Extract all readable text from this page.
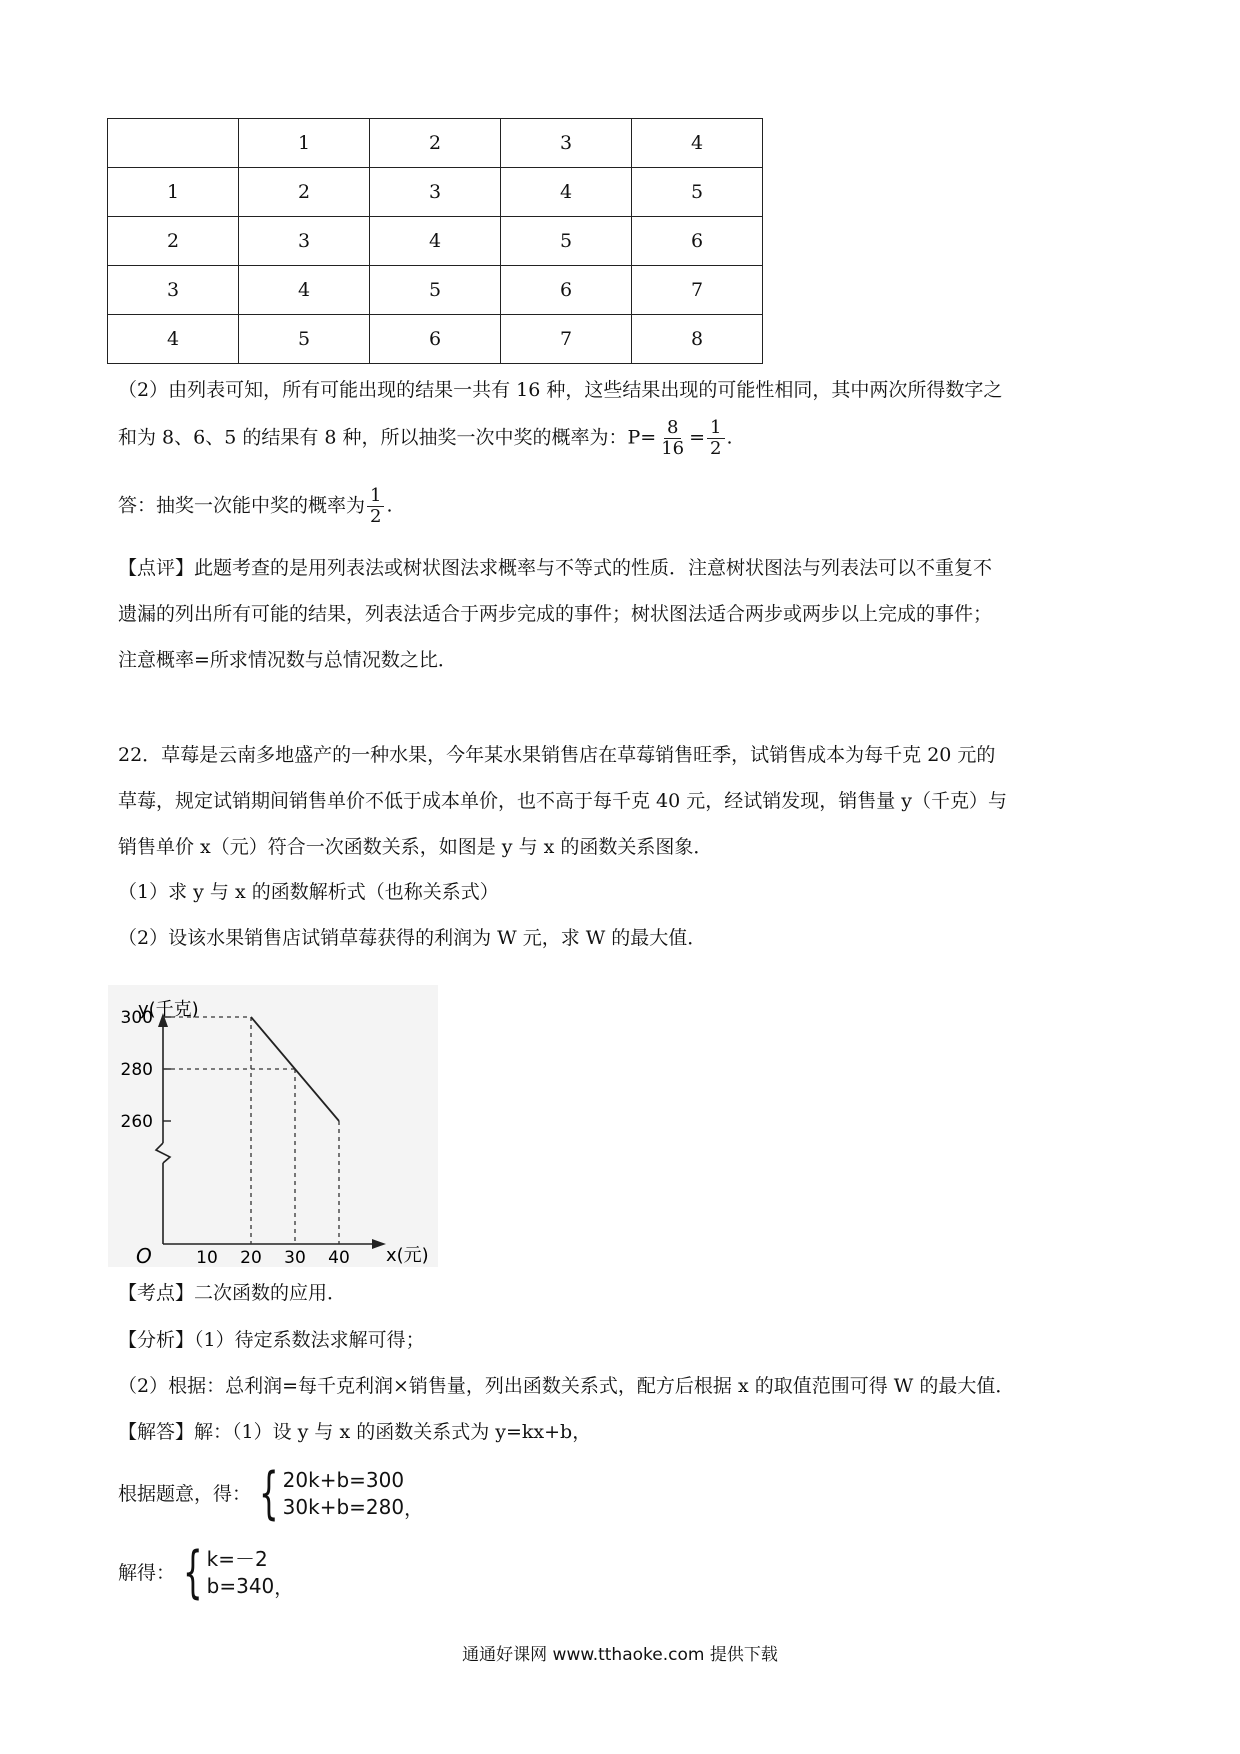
	1	2	3	4
1	2	3	4	5
2	3	4	5	6
3	4	5	6	7
4	5	6	7	8
（2）由列表可知，所有可能出现的结果一共有 16 种，这些结果出现的可能性相同，其中两次所得数字之
和为 8、6、5 的结果有 8 种，所以抽奖一次中奖的概率为：$P= \frac{8}{16} = \frac{1}{2}$ .
答：抽奖一次能中奖的概率为 $\frac{1}{2}$ .
【点评】此题考查的是用列表法或树状图法求概率与不等式的性质．注意树状图法与列表法可以不重复不
遗漏的列出所有可能的结果，列表法适合于两步完成的事件；树状图法适合两步或两步以上完成的事件；
注意概率=所求情况数与总情况数之比．
22．草莓是云南多地盛产的一种水果，今年某水果销售店在草莓销售旺季，试销售成本为每千克 20 元的
草莓，规定试销期间销售单价不低于成本单价，也不高于每千克 40 元，经试销发现，销售量 y（千克）与
销售单价 x（元）符合一次函数关系，如图是 y 与 x 的函数关系图象．
（1）求 y 与 x 的函数解析式（也称关系式）
（2）设该水果销售店试销草莓获得的利润为 W 元，求 W 的最大值．
y(千克)
x(元)
O	10 20 30 40
300
280
260
【考点】二次函数的应用．
【分析】（1）待定系数法求解可得；
（2）根据：总利润=每千克利润×销售量，列出函数关系式，配方后根据 x 的取值范围可得 W 的最大值．
【解答】解：（1）设 y 与 x 的函数关系式为 y=kx+b，
根据题意，得： { 20k+b=300
30k+b=280 ，
解得： { k=－2
b=340 ，
通通好课网 www.tthaoke.com 提供下载
